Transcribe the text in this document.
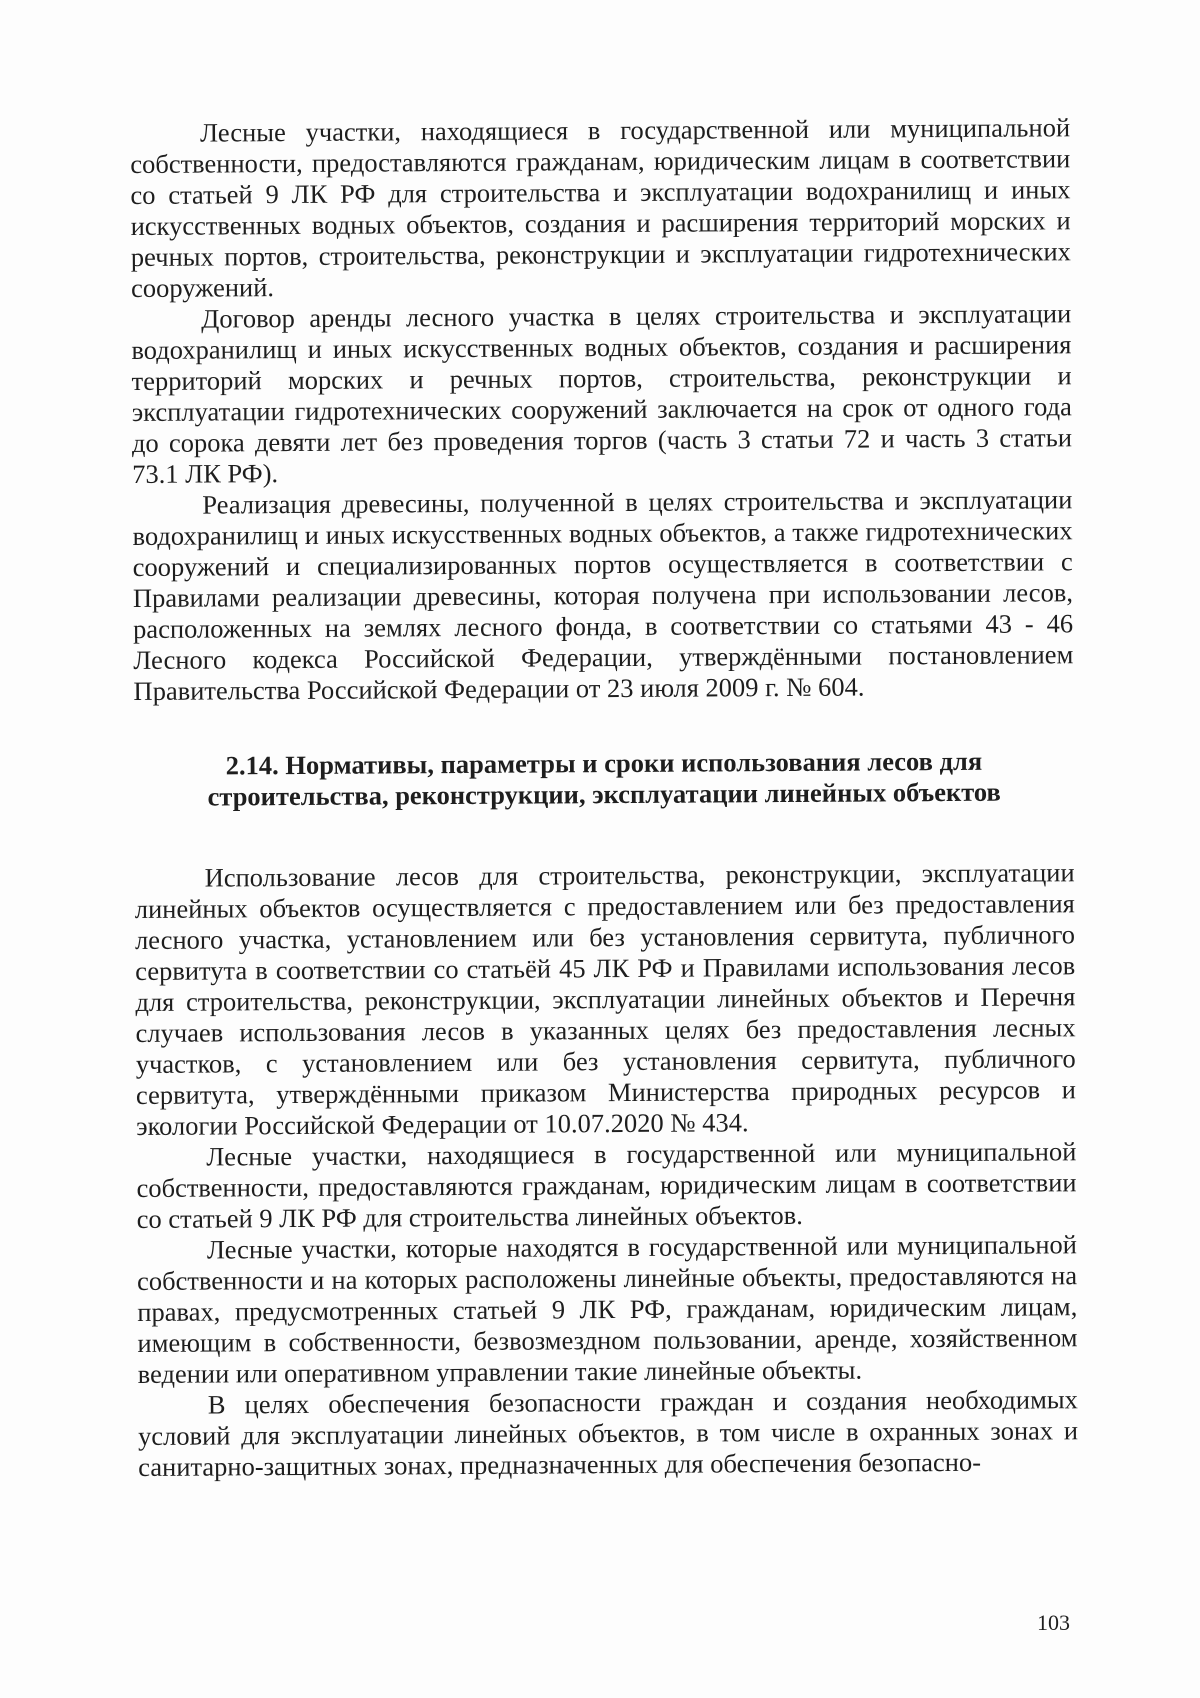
Лесные участки, находящиеся в государственной или муниципальной собственности, предоставляются гражданам, юридическим лицам в соответствии со статьей 9 ЛК РФ для строительства и эксплуатации водохранилищ и иных искусственных водных объектов, создания и расширения территорий морских и речных портов, строительства, реконструкции и эксплуатации гидротехнических сооружений.

Договор аренды лесного участка в целях строительства и эксплуатации водохранилищ и иных искусственных водных объектов, создания и расширения территорий морских и речных портов, строительства, реконструкции и эксплуатации гидротехнических сооружений заключается на срок от одного года до сорока девяти лет без проведения торгов (часть 3 статьи 72 и часть 3 статьи 73.1 ЛК РФ).

Реализация древесины, полученной в целях строительства и эксплуатации водохранилищ и иных искусственных водных объектов, а также гидротехнических сооружений и специализированных портов осуществляется в соответствии с Правилами реализации древесины, которая получена при использовании лесов, расположенных на землях лесного фонда, в соответствии со статьями 43 - 46 Лесного кодекса Российской Федерации, утверждёнными постановлением Правительства Российской Федерации от 23 июля 2009 г. № 604.

2.14. Нормативы, параметры и сроки использования лесов для
строительства, реконструкции, эксплуатации линейных объектов

Использование лесов для строительства, реконструкции, эксплуатации линейных объектов осуществляется с предоставлением или без предоставления лесного участка, установлением или без установления сервитута, публичного сервитута в соответствии со статьёй 45 ЛК РФ и Правилами использования лесов для строительства, реконструкции, эксплуатации линейных объектов и Перечня случаев использования лесов в указанных целях без предоставления лесных участков, с установлением или без установления сервитута, публичного сервитута, утверждёнными приказом Министерства природных ресурсов и экологии Российской Федерации от 10.07.2020 № 434.

Лесные участки, находящиеся в государственной или муниципальной собственности, предоставляются гражданам, юридическим лицам в соответствии со статьей 9 ЛК РФ для строительства линейных объектов.

Лесные участки, которые находятся в государственной или муниципальной собственности и на которых расположены линейные объекты, предоставляются на правах, предусмотренных статьей 9 ЛК РФ, гражданам, юридическим лицам, имеющим в собственности, безвозмездном пользовании, аренде, хозяйственном ведении или оперативном управлении такие линейные объекты.

В целях обеспечения безопасности граждан и создания необходимых условий для эксплуатации линейных объектов, в том числе в охранных зонах и санитарно-защитных зонах, предназначенных для обеспечения безопасно-

103
